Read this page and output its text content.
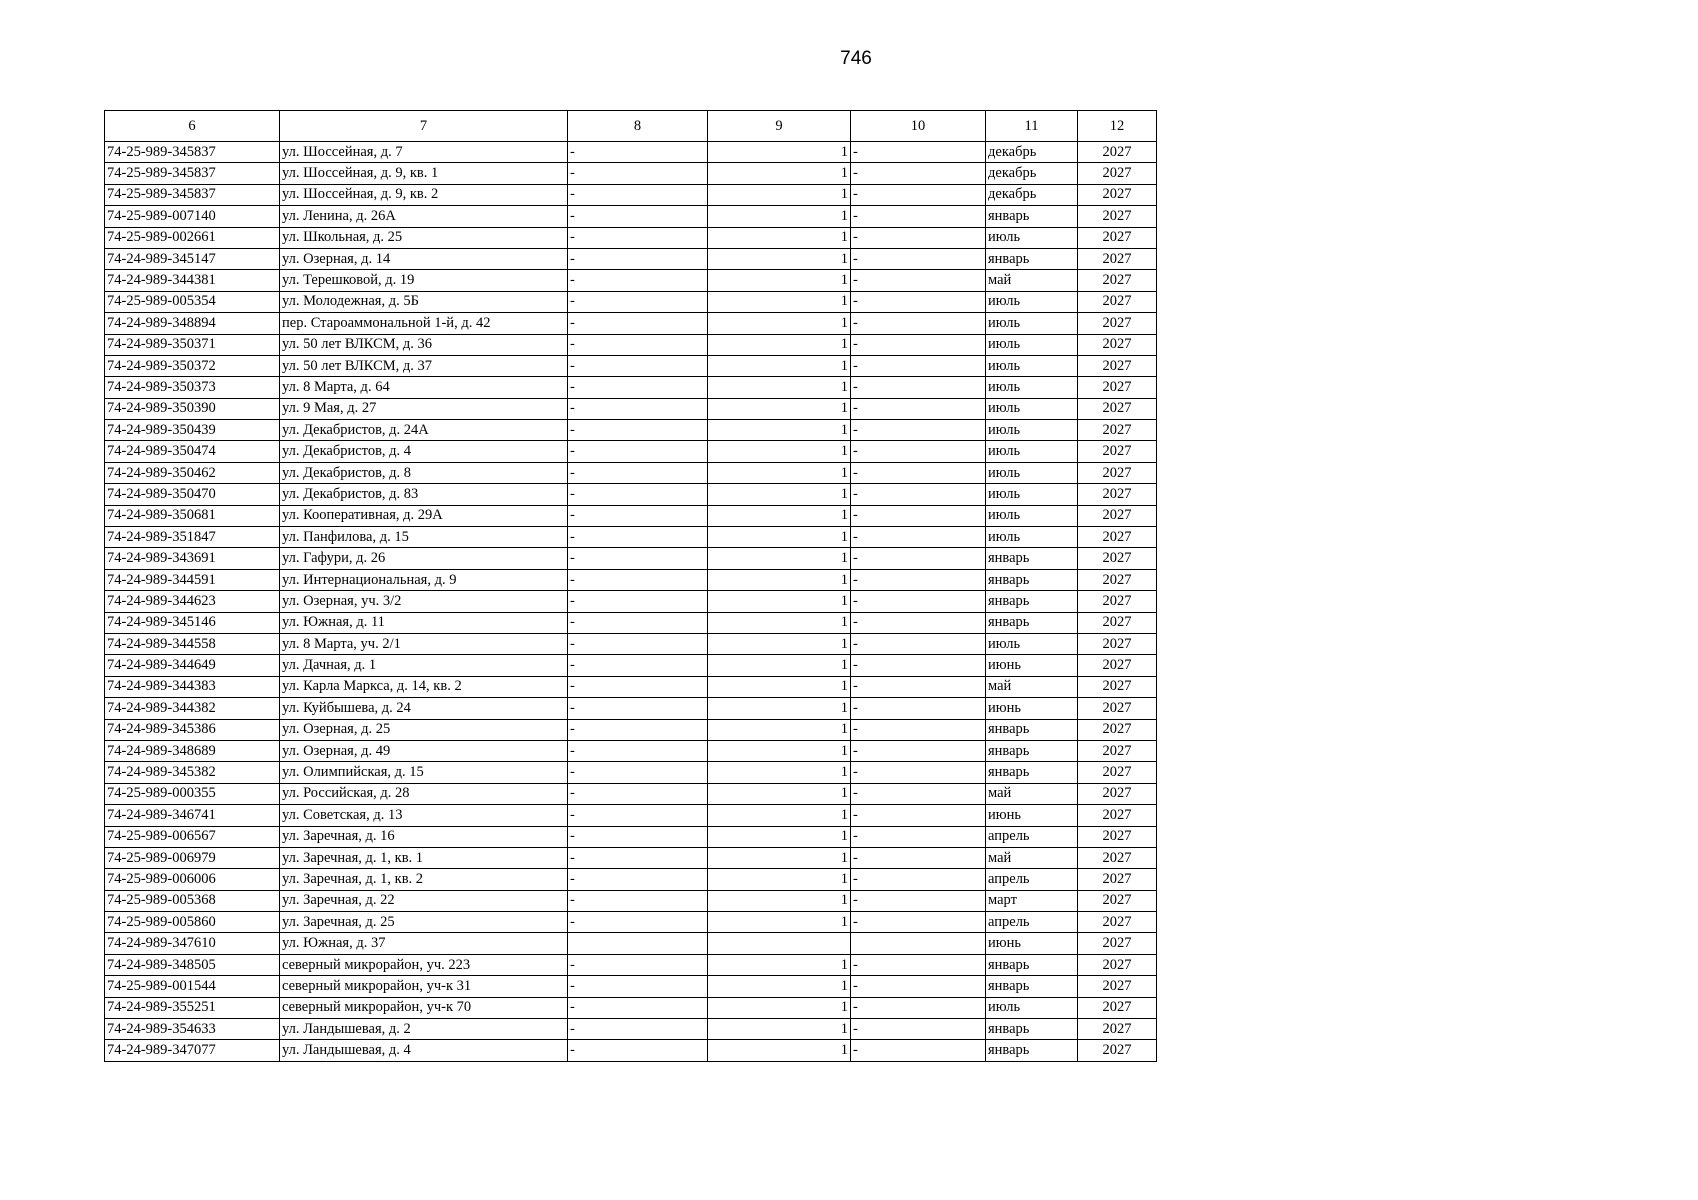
746
6	7	8	9	10	11	12
74-25-989-345837	ул. Шоссейная, д. 7	-	1	-	декабрь	2027
74-25-989-345837	ул. Шоссейная, д. 9, кв. 1	-	1	-	декабрь	2027
74-25-989-345837	ул. Шоссейная, д. 9, кв. 2	-	1	-	декабрь	2027
74-25-989-007140	ул. Ленина, д. 26А	-	1	-	январь	2027
74-25-989-002661	ул. Школьная, д. 25	-	1	-	июль	2027
74-24-989-345147	ул. Озерная, д. 14	-	1	-	январь	2027
74-24-989-344381	ул. Терешковой, д. 19	-	1	-	май	2027
74-25-989-005354	ул. Молодежная, д. 5Б	-	1	-	июль	2027
74-24-989-348894	пер. Староаммональной 1-й, д. 42	-	1	-	июль	2027
74-24-989-350371	ул. 50 лет ВЛКСМ, д. 36	-	1	-	июль	2027
74-24-989-350372	ул. 50 лет ВЛКСМ, д. 37	-	1	-	июль	2027
74-24-989-350373	ул. 8 Марта, д. 64	-	1	-	июль	2027
74-24-989-350390	ул. 9 Мая, д. 27	-	1	-	июль	2027
74-24-989-350439	ул. Декабристов, д. 24А	-	1	-	июль	2027
74-24-989-350474	ул. Декабристов, д. 4	-	1	-	июль	2027
74-24-989-350462	ул. Декабристов, д. 8	-	1	-	июль	2027
74-24-989-350470	ул. Декабристов, д. 83	-	1	-	июль	2027
74-24-989-350681	ул. Кооперативная, д. 29А	-	1	-	июль	2027
74-24-989-351847	ул. Панфилова, д. 15	-	1	-	июль	2027
74-24-989-343691	ул. Гафури, д. 26	-	1	-	январь	2027
74-24-989-344591	ул. Интернациональная, д. 9	-	1	-	январь	2027
74-24-989-344623	ул. Озерная, уч. 3/2	-	1	-	январь	2027
74-24-989-345146	ул. Южная, д. 11	-	1	-	январь	2027
74-24-989-344558	ул. 8 Марта, уч. 2/1	-	1	-	июль	2027
74-24-989-344649	ул. Дачная, д. 1	-	1	-	июнь	2027
74-24-989-344383	ул. Карла Маркса, д. 14, кв. 2	-	1	-	май	2027
74-24-989-344382	ул. Куйбышева, д. 24	-	1	-	июнь	2027
74-24-989-345386	ул. Озерная, д. 25	-	1	-	январь	2027
74-24-989-348689	ул. Озерная, д. 49	-	1	-	январь	2027
74-24-989-345382	ул. Олимпийская, д. 15	-	1	-	январь	2027
74-25-989-000355	ул. Российская, д. 28	-	1	-	май	2027
74-24-989-346741	ул. Советская, д. 13	-	1	-	июнь	2027
74-25-989-006567	ул. Заречная, д. 16	-	1	-	апрель	2027
74-25-989-006979	ул. Заречная, д. 1, кв. 1	-	1	-	май	2027
74-25-989-006006	ул. Заречная, д. 1, кв. 2	-	1	-	апрель	2027
74-25-989-005368	ул. Заречная, д. 22	-	1	-	март	2027
74-25-989-005860	ул. Заречная, д. 25	-	1	-	апрель	2027
74-24-989-347610	ул. Южная, д. 37				июнь	2027
74-24-989-348505	северный микрорайон, уч. 223	-	1	-	январь	2027
74-25-989-001544	северный микрорайон, уч-к 31	-	1	-	январь	2027
74-24-989-355251	северный микрорайон, уч-к 70	-	1	-	июль	2027
74-24-989-354633	ул. Ландышевая, д. 2	-	1	-	январь	2027
74-24-989-347077	ул. Ландышевая, д. 4	-	1	-	январь	2027
